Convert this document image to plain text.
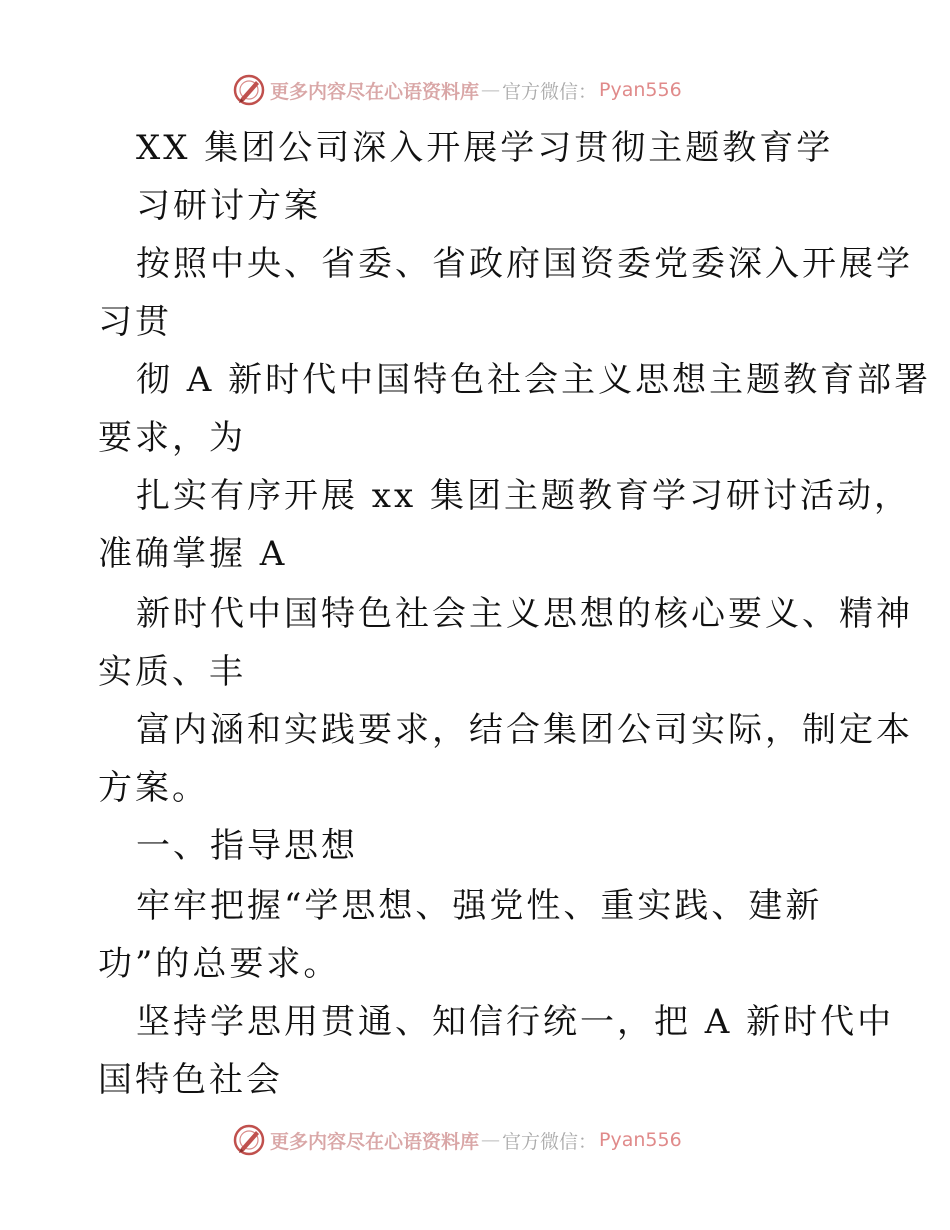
更多内容尽在心语资料库 — 官方微信： Pyan556
XX 集团公司深入开展学习贯彻主题教育学
习研讨方案
按照中央、省委、省政府国资委党委深入开展学
习贯
彻 A 新时代中国特色社会主义思想主题教育部署
要求，为
扎实有序开展 xx 集团主题教育学习研讨活动，
准确掌握 A
新时代中国特色社会主义思想的核心要义、精神
实质、丰
富内涵和实践要求，结合集团公司实际，制定本
方案。
一、指导思想
牢牢把握“学思想、强党性、重实践、建新
功”的总要求。
坚持学思用贯通、知信行统一，把 A 新时代中
国特色社会
更多内容尽在心语资料库 — 官方微信： Pyan556
